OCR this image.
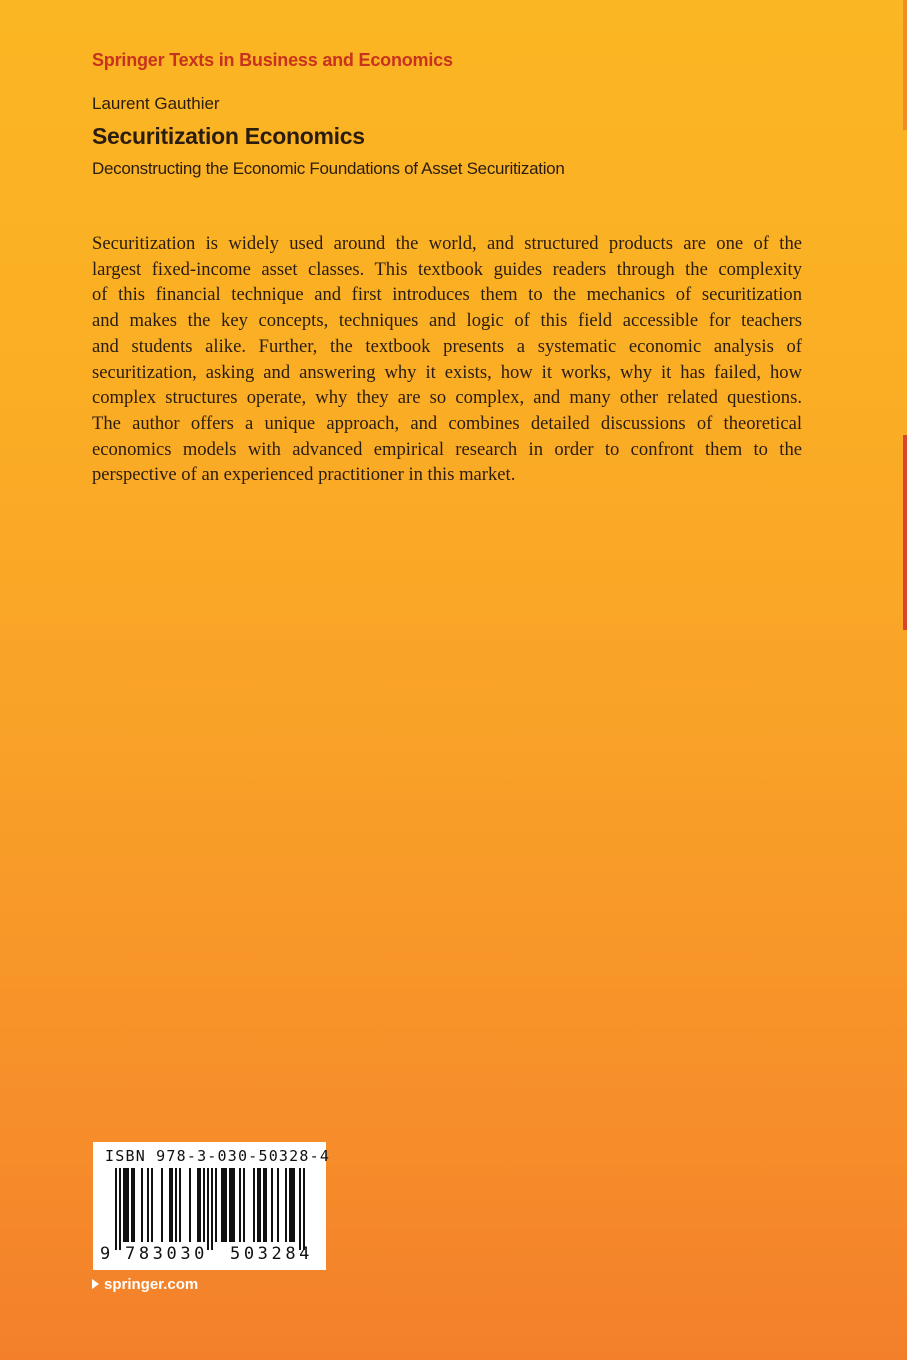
Springer Texts in Business and Economics
Laurent Gauthier
Securitization Economics
Deconstructing the Economic Foundations of Asset Securitization
Securitization is widely used around the world, and structured products are one of the
largest fixed-income asset classes. This textbook guides readers through the complexity
of this financial technique and first introduces them to the mechanics of securitization
and makes the key concepts, techniques and logic of this field accessible for teachers
and students alike. Further, the textbook presents a systematic economic analysis of
securitization, asking and answering why it exists, how it works, why it has failed, how
complex structures operate, why they are so complex, and many other related questions.
The author offers a unique approach, and combines detailed discussions of theoretical
economics models with advanced empirical research in order to confront them to the
perspective of an experienced practitioner in this market.
ISBN 978-3-030-50328-4
9 783030 503284
springer.com
